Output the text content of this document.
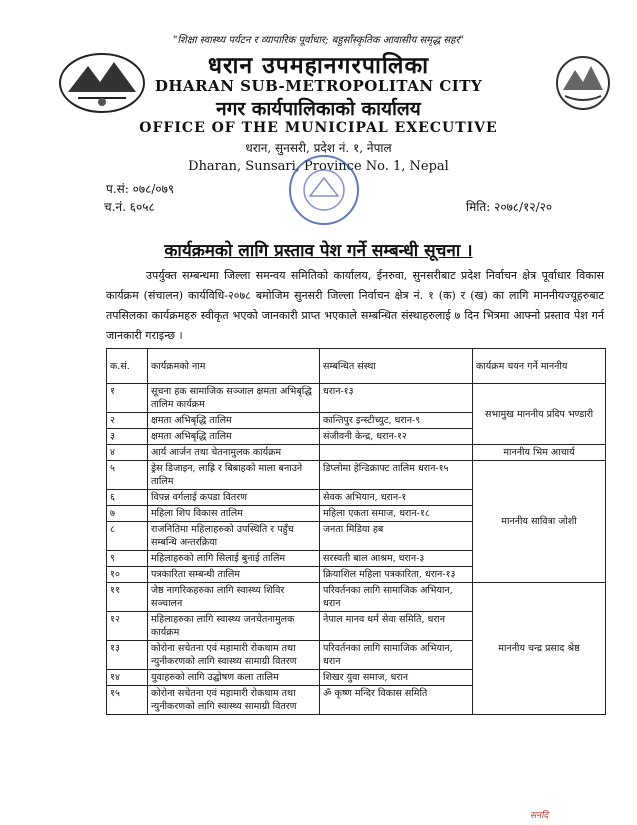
"शिक्षा स्वास्थ्य पर्यटन र व्यापारिक पूर्वाधार; बहुसाँस्कृतिक आवासीय समृद्ध सहर"
धरान उपमहानगरपालिका
DHARAN SUB-METROPOLITAN CITY
नगर कार्यपालिकाको कार्यालय
OFFICE OF THE MUNICIPAL EXECUTIVE
धरान, सुनसरी, प्रदेश नं. १, नेपाल
Dharan, Sunsari, Province No. 1, Nepal
प.सं: ०७८/०७९
च.नं. ६०५८	मिति: २०७८/१२/२०
कार्यक्रमको लागि प्रस्ताव पेश गर्ने सम्बन्धी सूचना ।
उपर्युक्त सम्बन्धमा जिल्ला समन्वय समितिको कार्यालय, ईनरुवा, सुनसरीबाट प्रदेश निर्वाचन क्षेत्र पूर्वाधार विकास कार्यक्रम (संचालन) कार्यविधि-२०७८ बमोजिम सुनसरी जिल्ला निर्वाचन क्षेत्र नं. १ (क) र (ख) का लागि माननीयज्यूहरुबाट तपसिलका कार्यक्रमहरु स्वीकृत भएको जानकारी प्राप्त भएकाले सम्बन्धित संस्थाहरुलाई ७ दिन भित्रमा आफ्नो प्रस्ताव पेश गर्न जानकारी गराइन्छ ।
क.सं.	कार्यक्रमको नाम	सम्बन्धित संस्था	कार्यक्रम चयन गर्ने माननीय
१	सूचना हक सामाजिक सञ्जाल क्षमता अभिबृद्धि तालिम कार्यक्रम	धरान-१३	सभामुख माननीय प्रदिप भण्डारी
२	क्षमता अभिबृद्धि तालिम	कान्तिपुर इन्स्टीच्युट, धरान-९	
३	क्षमता अभिबृद्धि तालिम	संजीवनी केन्द्र, धरान-१२	
४	आर्य आर्जन तथा चेतनामुलक कार्यक्रम		माननीय भिम आचार्य
५	ड्रेस डिजाइन, लाह्रि र बिबाहको माला बनाउने तालिम	डिप्लोमा हेन्डिक्राफ्ट तालिम धरान-१५	माननीय सावित्रा जोशी
६	विपन्न वर्गलाई कपडा वितरण	सेवक अभियान, धरान-१	
७	महिला शिप विकास तालिम	महिला एकता समाज, धरान-१८	
८	राजनितिमा महिलाहरुको उपस्थिति र पहुँच सम्बन्धि अन्तरक्रिया	जनता मिडिया हब	
९	महिलाहरुको लागि सिलाई बुनाई तालिम	सरस्वती बाल आश्रम, धरान-३	
१०	पत्रकारिता सम्बन्धी तालिम	क्रियाशिल महिला पत्रकारिता, धरान-१३	
११	जेष्ठ नागरिकहरुका लागि स्वास्थ्य शिविर सञ्चालन	परिवर्तनका लागि सामाजिक अभियान, धरान	माननीय चन्द्र प्रसाद श्रेष्ठ
१२	महिलाहरुका लागि स्वास्थ्य जनचेतनामुलक कार्यक्रम	नेपाल मानव धर्म सेवा समिति, धरान	
१३	कोरोना सचेतना एवं महामारी रोकथाम तथा न्युनीकरणको लागि स्वास्थ्य सामाग्री वितरण	परिवर्तनका लागि सामाजिक अभियान, धरान	
१४	युवाहरुको लागि उद्घोषण कला तालिम	शिखर युवा समाज, धरान	
१५	कोरोना सचेतना एवं महामारी रोकथाम तथा न्युनीकरणको लागि स्वास्थ्य सामाग्री वितरण	ॐ कृष्ण मन्दिर विकास समिति	
सनदि
